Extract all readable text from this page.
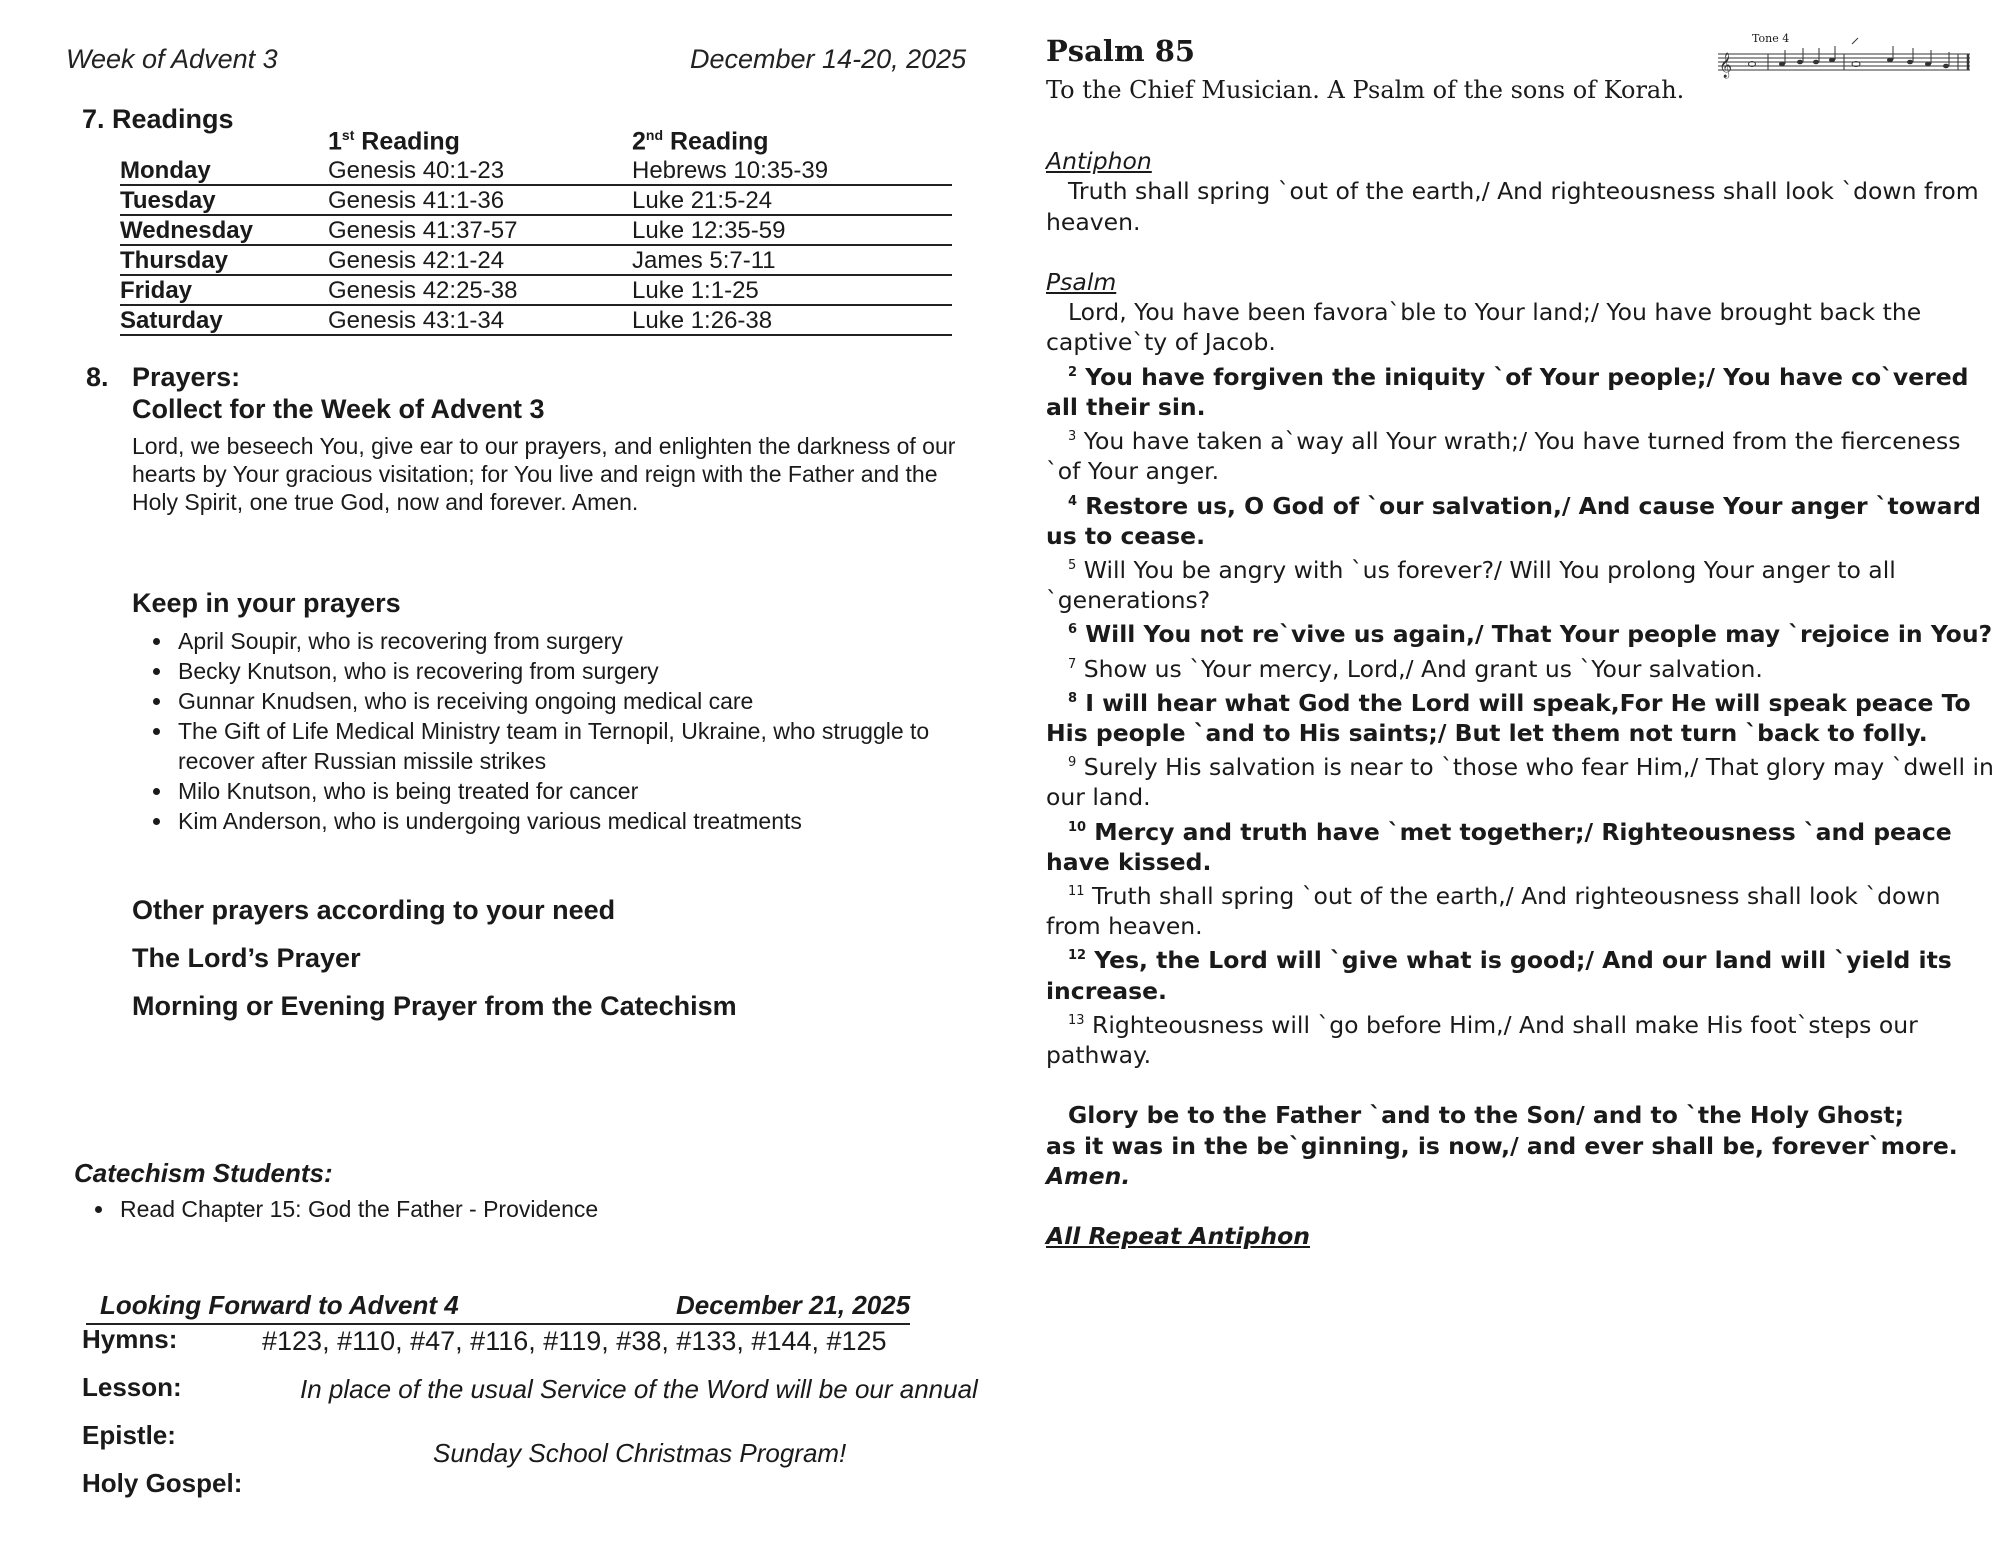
Week of Advent 3	December 14-20, 2025
7. Readings
	1st Reading	2nd Reading
Monday	Genesis 40:1-23	Hebrews 10:35-39
Tuesday	Genesis 41:1-36	Luke 21:5-24
Wednesday	Genesis 41:37-57	Luke 12:35-59
Thursday	Genesis 42:1-24	James 5:7-11
Friday	Genesis 42:25-38	Luke 1:1-25
Saturday	Genesis 43:1-34	Luke 1:26-38
8. Prayers:
Collect for the Week of Advent 3
Lord, we beseech You, give ear to our prayers, and enlighten the darkness of our hearts by Your gracious visitation; for You live and reign with the Father and the Holy Spirit, one true God, now and forever. Amen.
Keep in your prayers
• April Soupir, who is recovering from surgery
• Becky Knutson, who is recovering from surgery
• Gunnar Knudsen, who is receiving ongoing medical care
• The Gift of Life Medical Ministry team in Ternopil, Ukraine, who struggle to recover after Russian missile strikes
• Milo Knutson, who is being treated for cancer
• Kim Anderson, who is undergoing various medical treatments
Other prayers according to your need
The Lord’s Prayer
Morning or Evening Prayer from the Catechism
Catechism Students:
• Read Chapter 15: God the Father - Providence
Looking Forward to Advent 4	December 21, 2025
Hymns:	#123, #110, #47, #116, #119, #38, #133, #144, #125
Lesson:	In place of the usual Service of the Word will be our annual
Epistle:
Sunday School Christmas Program!
Holy Gospel:
Psalm 85
To the Chief Musician. A Psalm of the sons of Korah.
Tone 4
𝄞

Antiphon

Truth shall spring `out of the earth,/ And righteousness shall look `down from heaven.

Psalm

Lord, You have been favora`ble to Your land;/ You have brought back the captive`ty of Jacob.

$^2$ You have forgiven the iniquity `of Your people;/ You have co`vered all their sin.

$^3$ You have taken a`way all Your wrath;/ You have turned from the fierceness `of Your anger.

$^4$ Restore us, O God of `our salvation,/ And cause Your anger `toward us to cease.

$^5$ Will You be angry with `us forever?/ Will You prolong Your anger to all `generations?

$^6$ Will You not re`vive us again,/ That Your people may `rejoice in You?

$^7$ Show us `Your mercy, Lord,/ And grant us `Your salvation.

$^8$ I will hear what God the Lord will speak,For He will speak peace To His people `and to His saints;/ But let them not turn `back to folly.

$^9$ Surely His salvation is near to `those who fear Him,/ That glory may `dwell in our land.

$^{10}$ Mercy and truth have `met together;/ Righteousness `and peace have kissed.

$^{11}$ Truth shall spring `out of the earth,/ And righteousness shall look `down from heaven.

$^{12}$ Yes, the Lord will `give what is good;/ And our land will `yield its increase.

$^{13}$ Righteousness will `go before Him,/ And shall make His foot`steps our pathway.

Glory be to the Father `and to the Son/ and to `the Holy Ghost;

as it was in the be`ginning, is now,/ and ever shall be, forever`more. Amen.

All Repeat Antiphon
